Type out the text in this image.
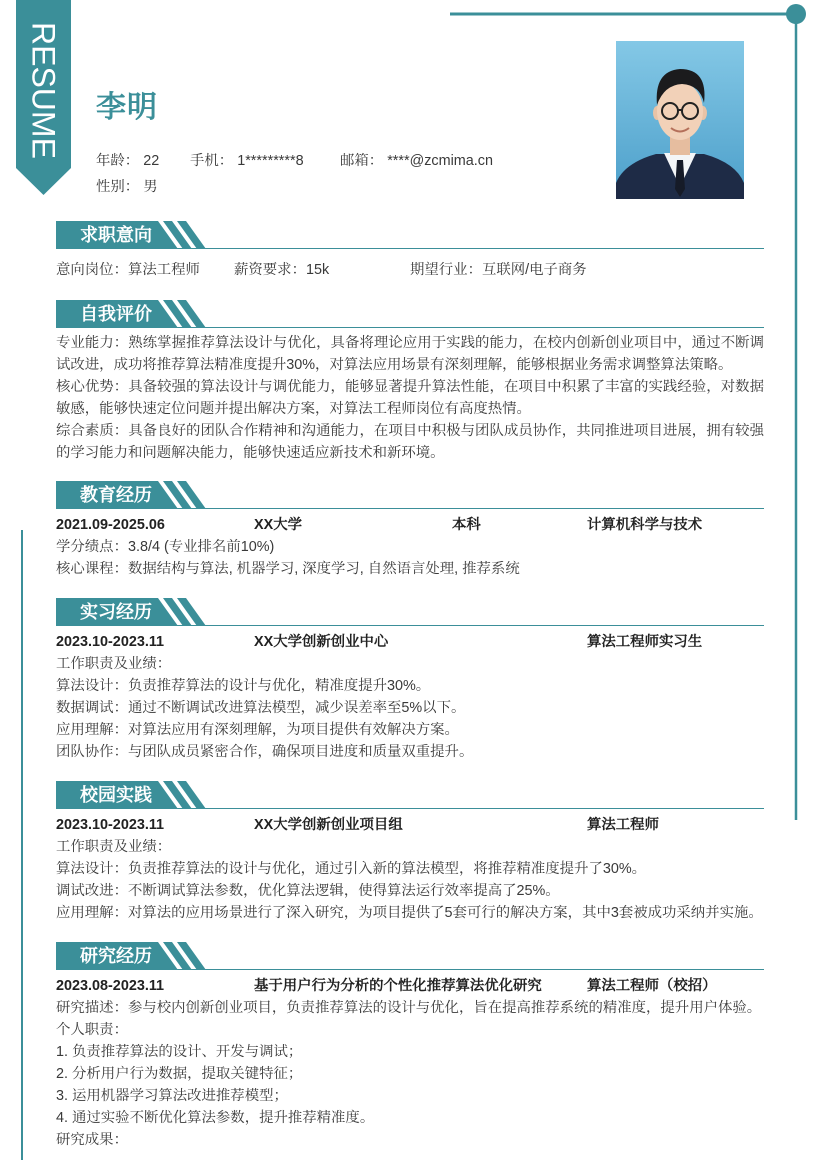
RESUME 李明
年龄： 22 手机： 1*********8	邮箱： ****@zcmima.cn
性别： 男
求职意向
意向岗位：算法工程师 薪资要求：15k	期望行业：互联网/电子商务
自我评价

专业能力：熟练掌握推荐算法设计与优化，具备将理论应用于实践的能力，在校内创新创业项目中，通过不断调试改进，成功将推荐算法精准度提升30%，对算法应用场景有深刻理解，能够根据业务需求调整算法策略。

核心优势：具备较强的算法设计与调优能力，能够显著提升算法性能，在项目中积累了丰富的实践经验，对数据敏感，能够快速定位问题并提出解决方案，对算法工程师岗位有高度热情。

综合素质：具备良好的团队合作精神和沟通能力，在项目中积极与团队成员协作，共同推进项目进展，拥有较强的学习能力和问题解决能力，能够快速适应新技术和新环境。

教育经历
2021.09-2025.06	XX大学	本科	计算机科学与技术
学分绩点：3.8/4 (专业排名前10%)
核心课程：数据结构与算法, 机器学习, 深度学习, 自然语言处理, 推荐系统
实习经历
2023.10-2023.11	XX大学创新创业中心	算法工程师实习生
工作职责及业绩：
算法设计：负责推荐算法的设计与优化，精准度提升30%。
数据调试：通过不断调试改进算法模型，减少误差率至5%以下。
应用理解：对算法应用有深刻理解，为项目提供有效解决方案。
团队协作：与团队成员紧密合作，确保项目进度和质量双重提升。
校园实践
2023.10-2023.11	XX大学创新创业项目组	算法工程师
工作职责及业绩：
算法设计：负责推荐算法的设计与优化，通过引入新的算法模型，将推荐精准度提升了30%。
调试改进：不断调试算法参数，优化算法逻辑，使得算法运行效率提高了25%。
应用理解：对算法的应用场景进行了深入研究，为项目提供了5套可行的解决方案，其中3套被成功采纳并实施。
研究经历
2023.08-2023.11	基于用户行为分析的个性化推荐算法优化研究	算法工程师（校招）
研究描述：参与校内创新创业项目，负责推荐算法的设计与优化，旨在提高推荐系统的精准度，提升用户体验。
个人职责：
1. 负责推荐算法的设计、开发与调试；
2. 分析用户行为数据，提取关键特征；
3. 运用机器学习算法改进推荐模型；
4. 通过实验不断优化算法参数，提升推荐精准度。
研究成果：
